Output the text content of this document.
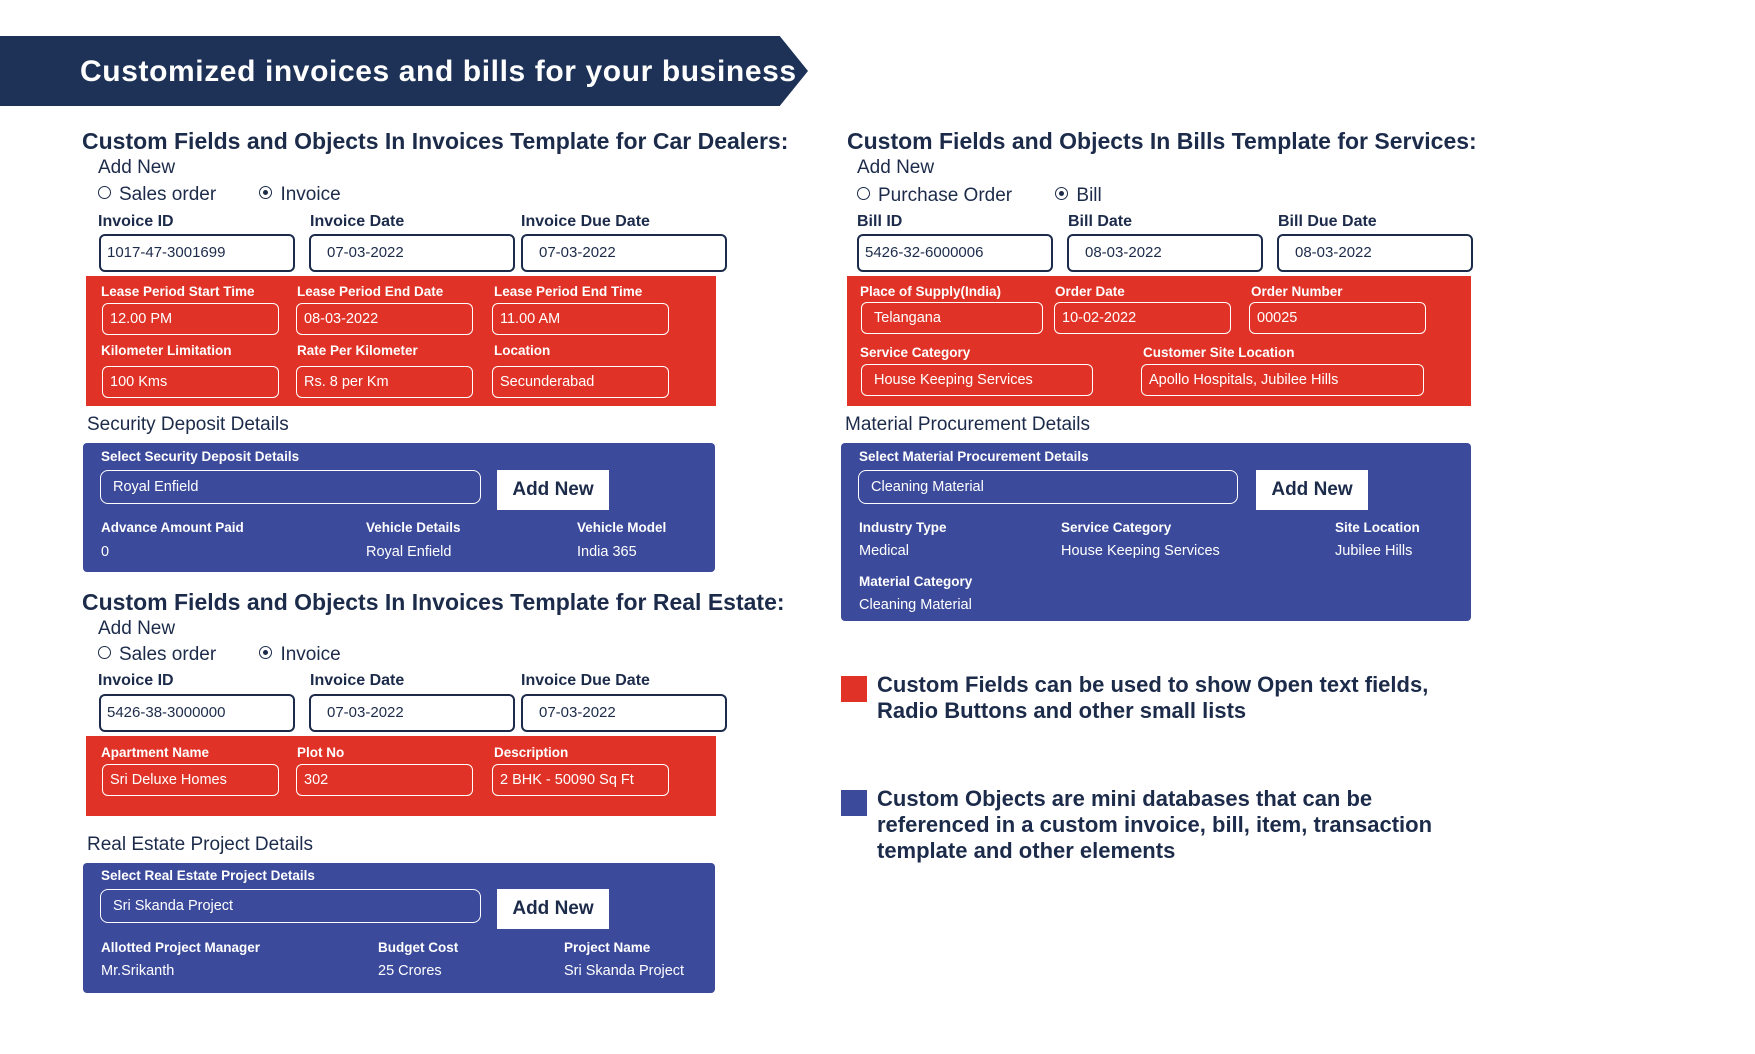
Customized invoices and bills for your business
Custom Fields and Objects In Invoices Template for Car Dealers:
Add New
Sales order	Invoice
Invoice ID	Invoice Date	Invoice Due Date
1017-47-3001699	07-03-2022	07-03-2022
Lease Period Start Time	Lease Period End Date	Lease Period End Time
12.00 PM	08-03-2022	11.00 AM
Kilometer Limitation	Rate Per Kilometer	Location
100 Kms	Rs. 8 per Km	Secunderabad
Security Deposit Details
Select Security Deposit Details
Royal Enfield	Add New
Advance Amount Paid	Vehicle Details	Vehicle Model
0	Royal Enfield	India 365
Custom Fields and Objects In Invoices Template for Real Estate:
Add New
Sales order	Invoice
Invoice ID	Invoice Date	Invoice Due Date
5426-38-3000000	07-03-2022	07-03-2022
Apartment Name	Plot No	Description
Sri Deluxe Homes	302	2 BHK - 50090 Sq Ft
Real Estate Project Details
Select Real Estate Project Details
Sri Skanda Project	Add New
Allotted Project Manager	Budget Cost	Project Name
Mr.Srikanth	25 Crores	Sri Skanda Project
Custom Fields and Objects In Bills Template for Services:
Add New
Purchase Order	Bill
Bill ID	Bill Date	Bill Due Date
5426-32-6000006	08-03-2022	08-03-2022
Place of Supply(India)	Order Date	Order Number
Telangana	10-02-2022	00025
Service Category	Customer Site Location
House Keeping Services	Apollo Hospitals, Jubilee Hills
Material Procurement Details
Select Material Procurement Details
Cleaning Material	Add New
Industry Type	Service Category	Site Location
Medical	House Keeping Services	Jubilee Hills
Material Category
Cleaning Material
Custom Fields can be used to show Open text fields, Radio Buttons and other small lists
Custom Objects are mini databases that can be referenced in a custom invoice, bill, item, transaction template and other elements
